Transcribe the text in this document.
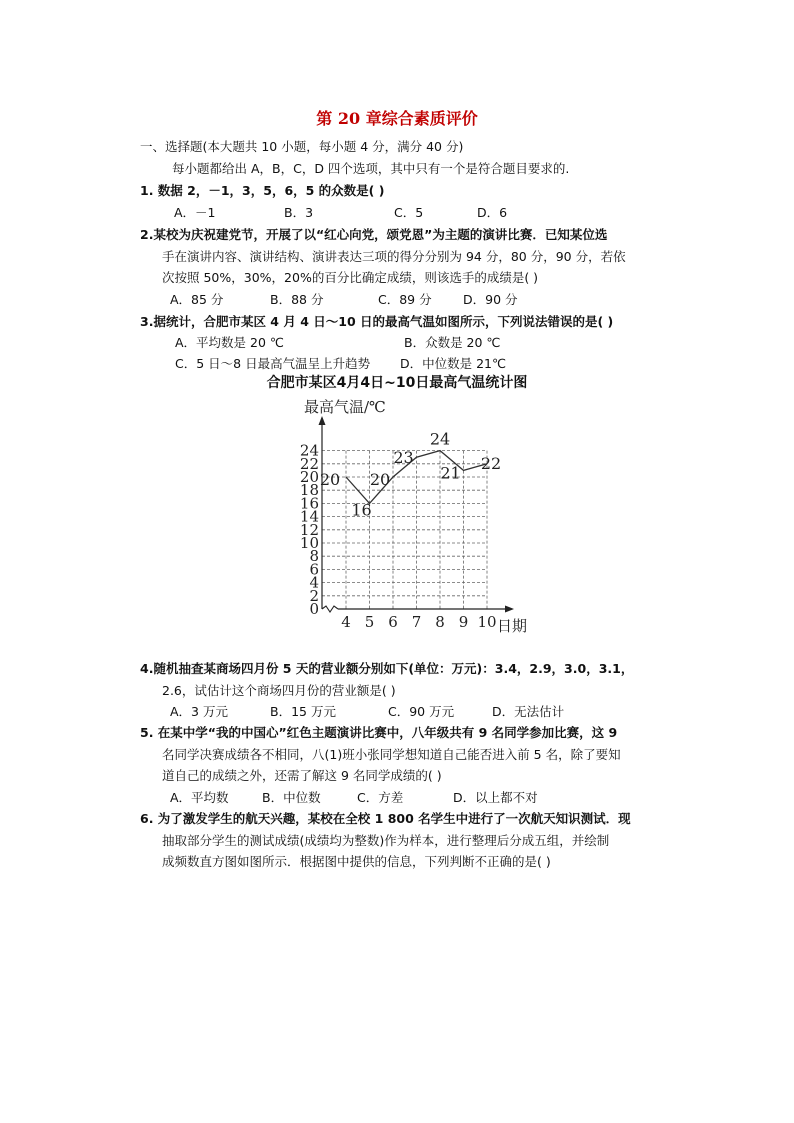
第 20 章综合素质评价
一、选择题(本大题共 10 小题，每小题 4 分，满分 40 分)
每小题都给出 A，B，C，D 四个选项，其中只有一个是符合题目要求的.
1. 数据 2，－1，3，5，6，5 的众数是( )
A．－1	B．3	C．5	D．6
2.某校为庆祝建党节，开展了以“红心向党，颂党恩”为主题的演讲比赛．已知某位选
手在演讲内容、演讲结构、演讲表达三项的得分分别为 94 分，80 分，90 分，若依
次按照 50%，30%，20%的百分比确定成绩，则该选手的成绩是( )
A．85 分	B．88 分	C．89 分	D．90 分
3.据统计，合肥市某区 4 月 4 日～10 日的最高气温如图所示，下列说法错误的是( )
A．平均数是 20 ℃	B．众数是 20 ℃
C．5 日～8 日最高气温呈上升趋势 D．中位数是 21℃
合肥市某区4月4日~10日最高气温统计图
0
2
4
6
8
10
12
14
16
18
20
22
24
4 5 6 7 8 9 10
最高气温/℃
日期
20
16
20
23
24
21
22
4.随机抽查某商场四月份 5 天的营业额分别如下(单位：万元)：3.4，2.9，3.0，3.1，
2.6，试估计这个商场四月份的营业额是( )
A．3 万元	B．15 万元	C．90 万元	D．无法估计
5. 在某中学“我的中国心”红色主题演讲比赛中，八年级共有 9 名同学参加比赛，这 9
名同学决赛成绩各不相同，八(1)班小张同学想知道自己能否进入前 5 名，除了要知
道自己的成绩之外，还需了解这 9 名同学成绩的( )
A．平均数	B．中位数	C．方差	D．以上都不对
6. 为了激发学生的航天兴趣，某校在全校 1 800 名学生中进行了一次航天知识测试．现
抽取部分学生的测试成绩(成绩均为整数)作为样本，进行整理后分成五组，并绘制
成频数直方图如图所示．根据图中提供的信息，下列判断不正确的是( )
